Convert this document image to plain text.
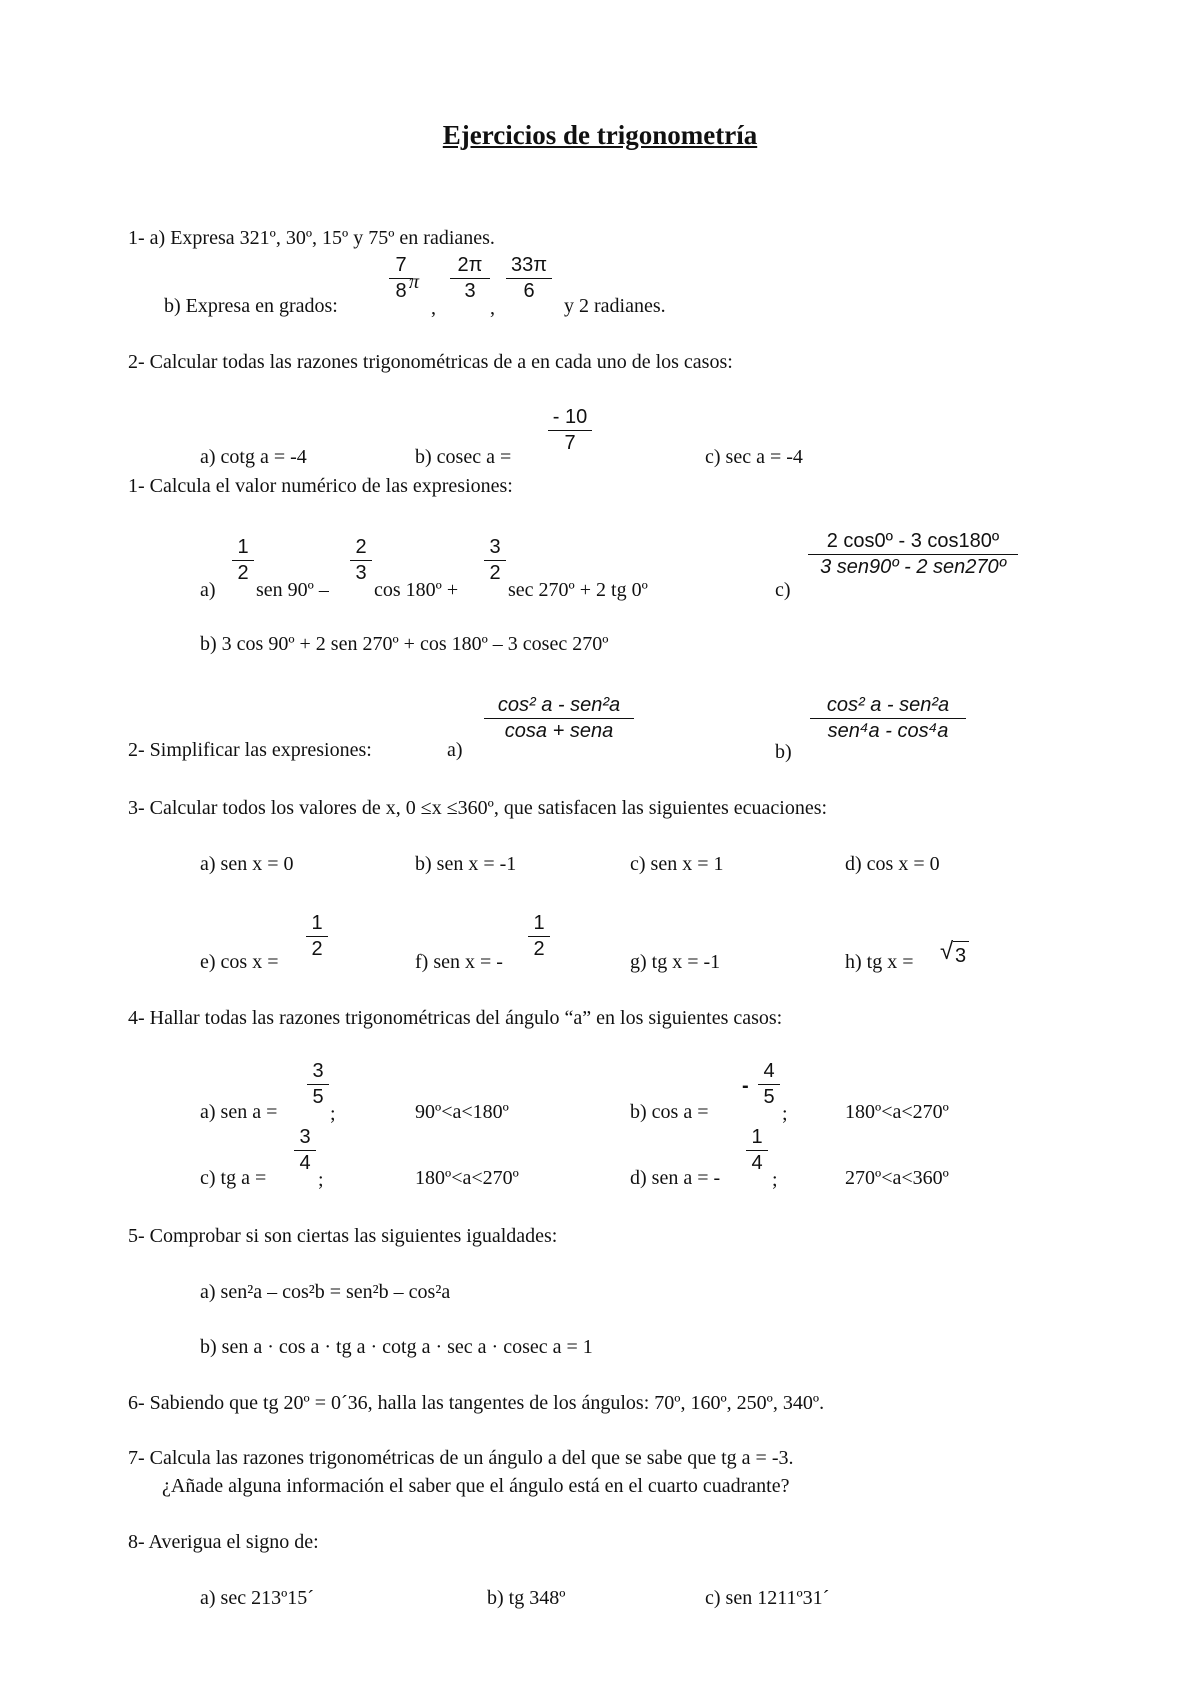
Ejercicios de trigonometría
1- a) Expresa 321º, 30º, 15º y 75º en radianes.
b) Expresa en grados:
$\frac{7}{8}$
π
,
$\frac{2\pi}{3}$
,
$\frac{33\pi}{6}$
y 2 radianes.
2- Calcular todas las razones trigonométricas de a en cada uno de los casos:
a) cotg a = -4	b) cosec a =
$\frac{- 10}{7}$
c) sec a = -4
1- Calcula el valor numérico de las expresiones:
a)
$\frac{1}{2}$
sen 90º –
$\frac{2}{3}$
cos 180º +
$\frac{3}{2}$
sec 270º + 2 tg 0º	c)
2 cos0º - 3 cos180º
3 sen90º - 2 sen270º
b) 3 cos 90º + 2 sen 270º + cos 180º – 3 cosec 270º
2- Simplificar las expresiones:	a)
cos² a - sen²a
cosa + sena
b)
cos² a - sen²a
sen⁴a - cos⁴a
3- Calcular todos los valores de x, 0 ≤x ≤360º, que satisfacen las siguientes ecuaciones:
a) sen x = 0	b) sen x = -1	c) sen x = 1	d) cos x = 0
e) cos x =
$\frac{1}{2}$
f) sen x = -
$\frac{1}{2}$
g) tg x = -1	h) tg x = √ 3
4- Hallar todas las razones trigonométricas del ángulo “a” en los siguientes casos:
a) sen a =
$\frac{3}{5}$
;	90º<a<180º	b) cos a =
- $\frac{4}{5}$
;	180º<a<270º
c) tg a =
$\frac{3}{4}$
;	180º<a<270º	d) sen a = -
$\frac{1}{4}$
;	270º<a<360º
5- Comprobar si son ciertas las siguientes igualdades:
a) sen²a – cos²b = sen²b – cos²a
b) sen a · cos a · tg a · cotg a · sec a · cosec a = 1
6- Sabiendo que tg 20º = 0´36, halla las tangentes de los ángulos: 70º, 160º, 250º, 340º.
7- Calcula las razones trigonométricas de un ángulo a del que se sabe que tg a = -3.
¿Añade alguna información el saber que el ángulo está en el cuarto cuadrante?
8- Averigua el signo de:
a) sec 213º15´	b) tg 348º	c) sen 1211º31´
